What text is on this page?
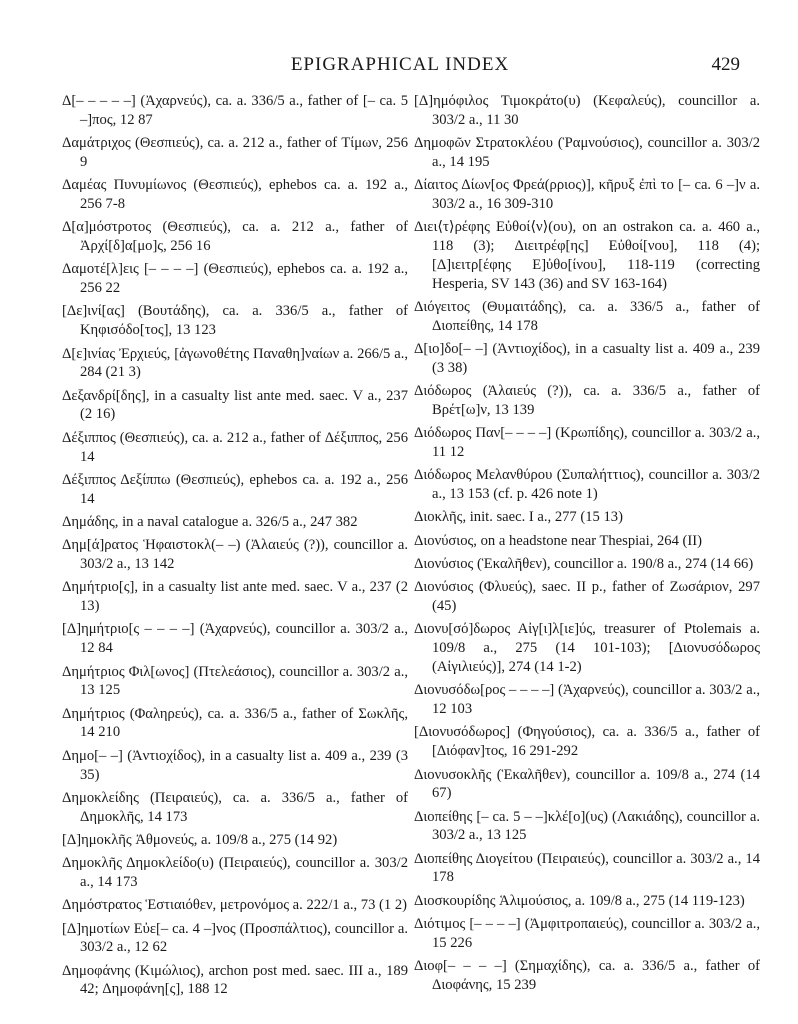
EPIGRAPHICAL INDEX	429
Δ[– – – – –] (Ἀχαρνεύς), ca. a. 336/5 a., father of [– ca. 5 –]πος, 12 87
Δαμάτριχος (Θεσπιεύς), ca. a. 212 a., father of Τίμων, 256 9
Δαμέας Πυνυμίωνος (Θεσπιεύς), ephebos ca. a. 192 a., 256 7-8
Δ[α]μόστροτος (Θεσπιεύς), ca. a. 212 a., father of Ἀρχί[δ]α[μο]ς, 256 16
Δαμοτέ[λ]εις [– – – –] (Θεσπιεύς), ephebos ca. a. 192 a., 256 22
[Δε]ινί[ας] (Βουτάδης), ca. a. 336/5 a., father of Κηφισόδο[τος], 13 123
Δ[ε]ινίας Ἐρχιεύς, [ἀγωνοθέτης Παναθη]ναίων a. 266/5 a., 284 (21 3)
Δεξανδρί[δης], in a casualty list ante med. saec. V a., 237 (2 16)
Δέξιππος (Θεσπιεύς), ca. a. 212 a., father of Δέξιππος, 256 14
Δέξιππος Δεξίππω (Θεσπιεύς), ephebos ca. a. 192 a., 256 14
Δημάδης, in a naval catalogue a. 326/5 a., 247 382
Δημ[ά]ρατος Ἡφαιστοκλ(– –) (Ἀλαιεύς (?)), councillor a. 303/2 a., 13 142
Δημήτριο[ς], in a casualty list ante med. saec. V a., 237 (2 13)
[Δ]ημήτριο[ς – – – –] (Ἀχαρνεύς), councillor a. 303/2 a., 12 84
Δημήτριος Φιλ[ωνος] (Πτελεάσιος), councillor a. 303/2 a., 13 125
Δημήτριος (Φαληρεύς), ca. a. 336/5 a., father of Σωκλῆς, 14 210
Δημο[– –] (Ἀντιοχίδος), in a casualty list a. 409 a., 239 (3 35)
Δημοκλείδης (Πειραιεύς), ca. a. 336/5 a., father of Δημοκλῆς, 14 173
[Δ]ημοκλῆς Ἀθμονεύς, a. 109/8 a., 275 (14 92)
Δημοκλῆς Δημοκλείδο(υ) (Πειραιεύς), councillor a. 303/2 a., 14 173
Δημόστρατος Ἑστιαιόθεν, μετρονόμος a. 222/1 a., 73 (1 2)
[Δ]ημοτίων Εὐε[– ca. 4 –]νος (Προσπάλτιος), councillor a. 303/2 a., 12 62
Δημοφάνης (Κιμώλιος), archon post med. saec. III a., 189 42; Δημοφάνη[ς], 188 12
[Δ]ημόφιλος Τιμοκράτο(υ) (Κεφαλεύς), councillor a. 303/2 a., 11 30
Δημοφῶν Στρατοκλέου (Ῥαμνούσιος), councillor a. 303/2 a., 14 195
Δίαιτος Δίων[ος Φρεά(ρριος)], κῆρυξ ἐπὶ το [– ca. 6 –]ν a. 303/2 a., 16 309-310
Διει⟨τ⟩ρέφης Εὐθοί⟨ν⟩(ου), on an ostrakon ca. a. 460 a., 118 (3); Διειτρέφ[ης] Εὐθοί[νου], 118 (4); [Δ]ιειτρ[έφης Ε]ὐθο[ίνου], 118-119 (correcting Hesperia, SV 143 (36) and SV 163-164)
Διόγειτος (Θυμαιτάδης), ca. a. 336/5 a., father of Διοπείθης, 14 178
Δ[ιο]δο[– –] (Ἀντιοχίδος), in a casualty list a. 409 a., 239 (3 38)
Διόδωρος (Ἀλαιεύς (?)), ca. a. 336/5 a., father of Βρέτ[ω]ν, 13 139
Διόδωρος Παν[– – – –] (Κρωπίδης), councillor a. 303/2 a., 11 12
Διόδωρος Μελανθύρου (Συπαλήττιος), councillor a. 303/2 a., 13 153 (cf. p. 426 note 1)
Διοκλῆς, init. saec. I a., 277 (15 13)
Διονύσιος, on a headstone near Thespiai, 264 (II)
Διονύσιος (Ἑκαλῆθεν), councillor a. 190/8 a., 274 (14 66)
Διονύσιος (Φλυεύς), saec. II p., father of Ζωσάριον, 297 (45)
Διονυ[σό]δωρος Αἰγ[ι]λ[ιε]ύς, treasurer of Ptolemais a. 109/8 a., 275 (14 101-103); [Διονυσόδωρος (Αἰγιλιεύς)], 274 (14 1-2)
Διονυσόδω[ρος – – – –] (Ἀχαρνεύς), councillor a. 303/2 a., 12 103
[Διονυσόδωρος] (Φηγούσιος), ca. a. 336/5 a., father of [Διόφαν]τος, 16 291-292
Διονυσοκλῆς (Ἑκαλῆθεν), councillor a. 109/8 a., 274 (14 67)
Διοπείθης [– ca. 5 – –]κλέ[ο](υς) (Λακιάδης), councillor a. 303/2 a., 13 125
Διοπείθης Διογείτου (Πειραιεύς), councillor a. 303/2 a., 14 178
Διοσκουρίδης Ἁλιμούσιος, a. 109/8 a., 275 (14 119-123)
Διότιμος [– – – –] (Ἀμφιτροπαιεύς), councillor a. 303/2 a., 15 226
Διοφ[– – – –] (Σημαχίδης), ca. a. 336/5 a., father of Διοφάνης, 15 239
